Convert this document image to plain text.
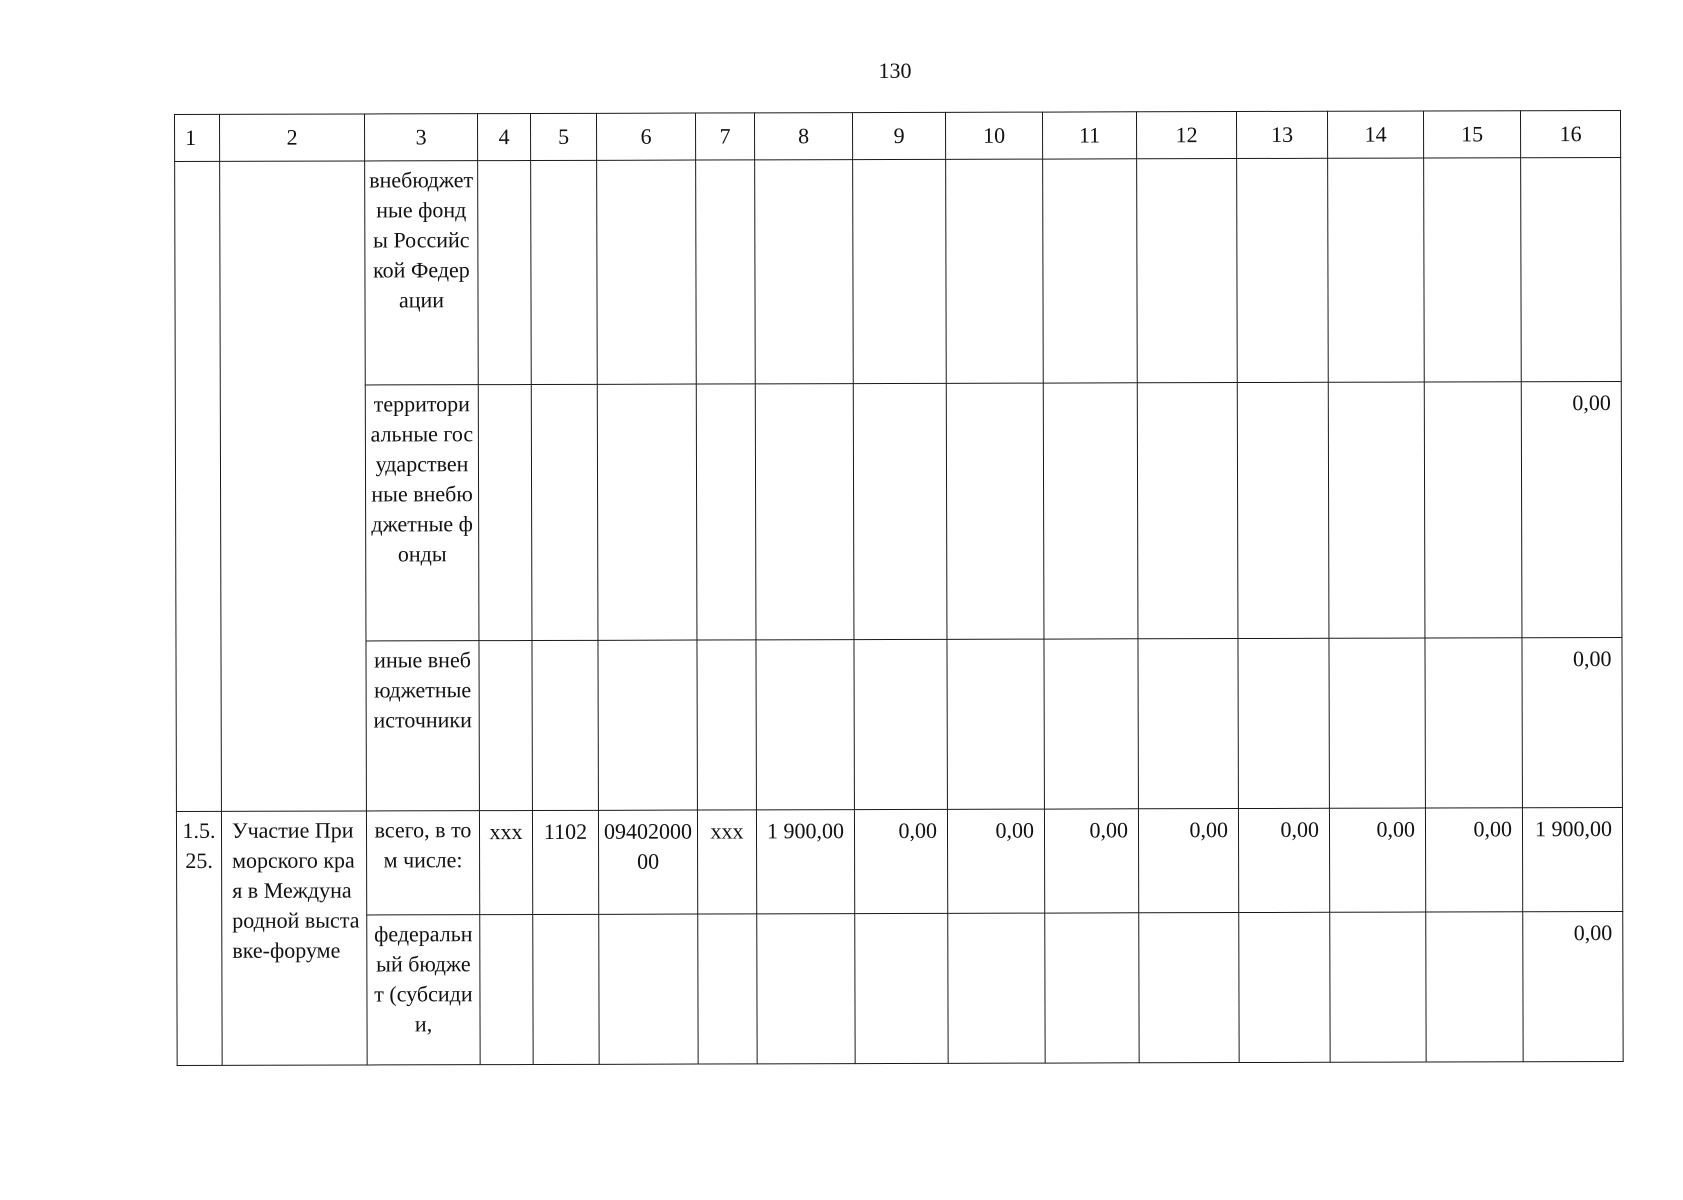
130
1	2	3	4	5	6	7	8	9	10	11	12	13	14	15	16
		внебюджетные фонды Российской Федерации													
		территориальные государственные внебюджетные фонды													0,00
		иные внебюджетные источники													0,00
1.5.25.	Участие Приморского края в Международной выставке-форуме	всего, в том числе:	ххх	1102	0940200000	ххх	1 900,00	0,00	0,00	0,00	0,00	0,00	0,00	0,00	1 900,00
		федеральный бюджет (субсидии,													0,00
